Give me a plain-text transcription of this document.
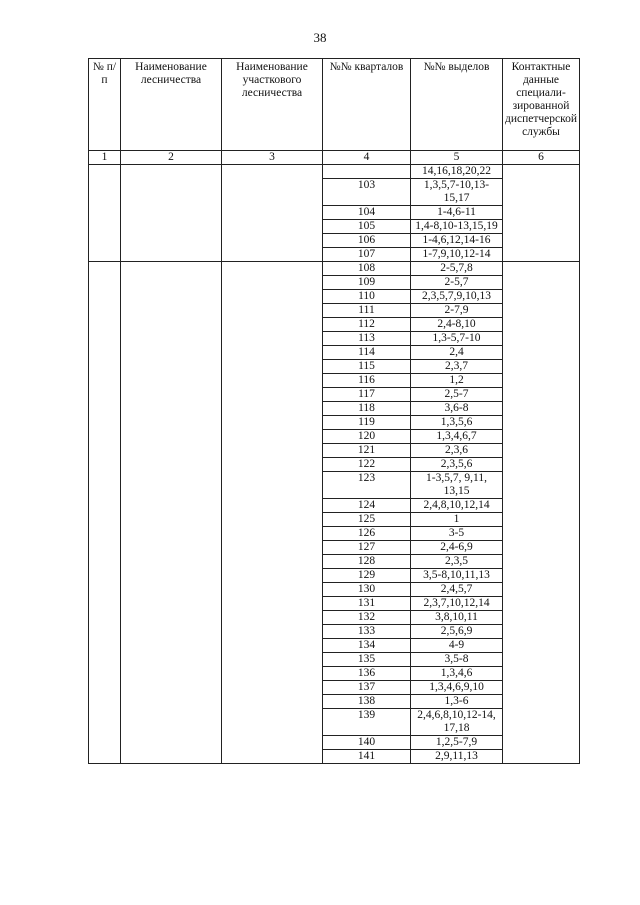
38
№ п/п	Наименование лесничества	Наименование участкового лесничества	№№ кварталов	№№ выделов	Контактные данные специали-зированной диспетчерской службы
1	2	3	4	5	6
				14,16,18,20,22	
			103	1,3,5,7-10,13-15,17	
			104	1-4,6-11	
			105	1,4-8,10-13,15,19	
			106	1-4,6,12,14-16	
			107	1-7,9,10,12-14	
			108	2-5,7,8	
			109	2-5,7	
			110	2,3,5,7,9,10,13	
			111	2-7,9	
			112	2,4-8,10	
			113	1,3-5,7-10	
			114	2,4	
			115	2,3,7	
			116	1,2	
			117	2,5-7	
			118	3,6-8	
			119	1,3,5,6	
			120	1,3,4,6,7	
			121	2,3,6	
			122	2,3,5,6	
			123	1-3,5,7, 9,11, 13,15	
			124	2,4,8,10,12,14	
			125	1	
			126	3-5	
			127	2,4-6,9	
			128	2,3,5	
			129	3,5-8,10,11,13	
			130	2,4,5,7	
			131	2,3,7,10,12,14	
			132	3,8,10,11	
			133	2,5,6,9	
			134	4-9	
			135	3,5-8	
			136	1,3,4,6	
			137	1,3,4,6,9,10	
			138	1,3-6	
			139	2,4,6,8,10,12-14, 17,18	
			140	1,2,5-7,9	
			141	2,9,11,13	
